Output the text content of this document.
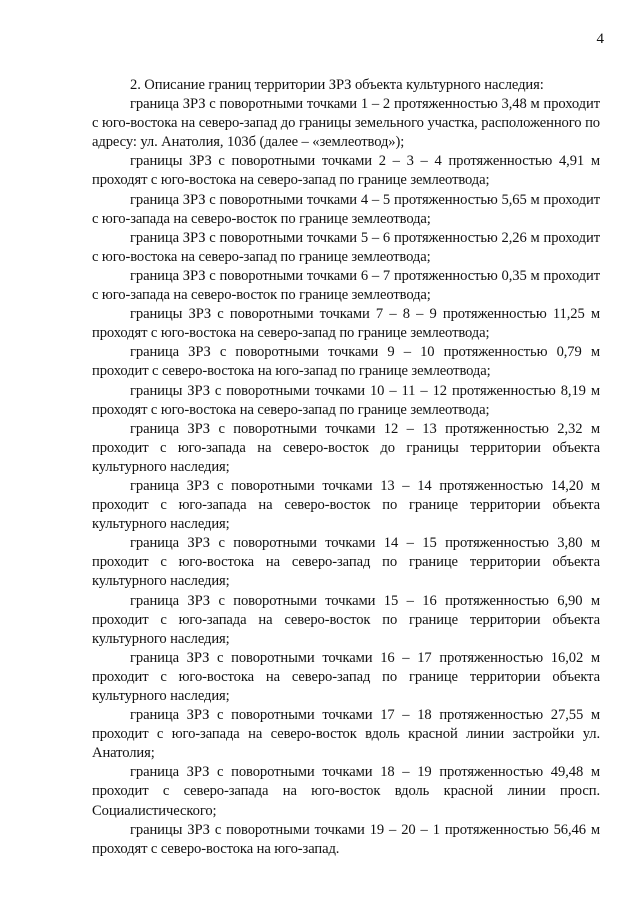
4

2. Описание границ территории ЗРЗ объекта культурного наследия:

граница ЗРЗ с поворотными точками 1 – 2 протяженностью 3,48 м проходит с юго-востока на северо-запад до границы земельного участка, расположенного по адресу: ул. Анатолия, 103б (далее – «землеотвод»);

границы ЗРЗ с поворотными точками 2 – 3 – 4 протяженностью 4,91 м проходят с юго-востока на северо-запад по границе землеотвода;

граница ЗРЗ с поворотными точками 4 – 5 протяженностью 5,65 м проходит с юго-запада на северо-восток по границе землеотвода;

граница ЗРЗ с поворотными точками 5 – 6 протяженностью 2,26 м проходит с юго-востока на северо-запад по границе землеотвода;

граница ЗРЗ с поворотными точками 6 – 7 протяженностью 0,35 м проходит с юго-запада на северо-восток по границе землеотвода;

границы ЗРЗ с поворотными точками 7 – 8 – 9 протяженностью 11,25 м проходят с юго-востока на северо-запад по границе землеотвода;

граница ЗРЗ с поворотными точками 9 – 10 протяженностью 0,79 м проходит с северо-востока на юго-запад по границе землеотвода;

границы ЗРЗ с поворотными точками 10 – 11 – 12 протяженностью 8,19 м проходят с юго-востока на северо-запад по границе землеотвода;

граница ЗРЗ с поворотными точками 12 – 13 протяженностью 2,32 м проходит с юго-запада на северо-восток до границы территории объекта культурного наследия;

граница ЗРЗ с поворотными точками 13 – 14 протяженностью 14,20 м проходит с юго-запада на северо-восток по границе территории объекта культурного наследия;

граница ЗРЗ с поворотными точками 14 – 15 протяженностью 3,80 м проходит с юго-востока на северо-запад по границе территории объекта культурного наследия;

граница ЗРЗ с поворотными точками 15 – 16 протяженностью 6,90 м проходит с юго-запада на северо-восток по границе территории объекта культурного наследия;

граница ЗРЗ с поворотными точками 16 – 17 протяженностью 16,02 м проходит с юго-востока на северо-запад по границе территории объекта культурного наследия;

граница ЗРЗ с поворотными точками 17 – 18 протяженностью 27,55 м проходит с юго-запада на северо-восток вдоль красной линии застройки ул. Анатолия;

граница ЗРЗ с поворотными точками 18 – 19 протяженностью 49,48 м проходит с северо-запада на юго-восток вдоль красной линии просп. Социалистического;

границы ЗРЗ с поворотными точками 19 – 20 – 1 протяженностью 56,46 м проходят с северо-востока на юго-запад.
